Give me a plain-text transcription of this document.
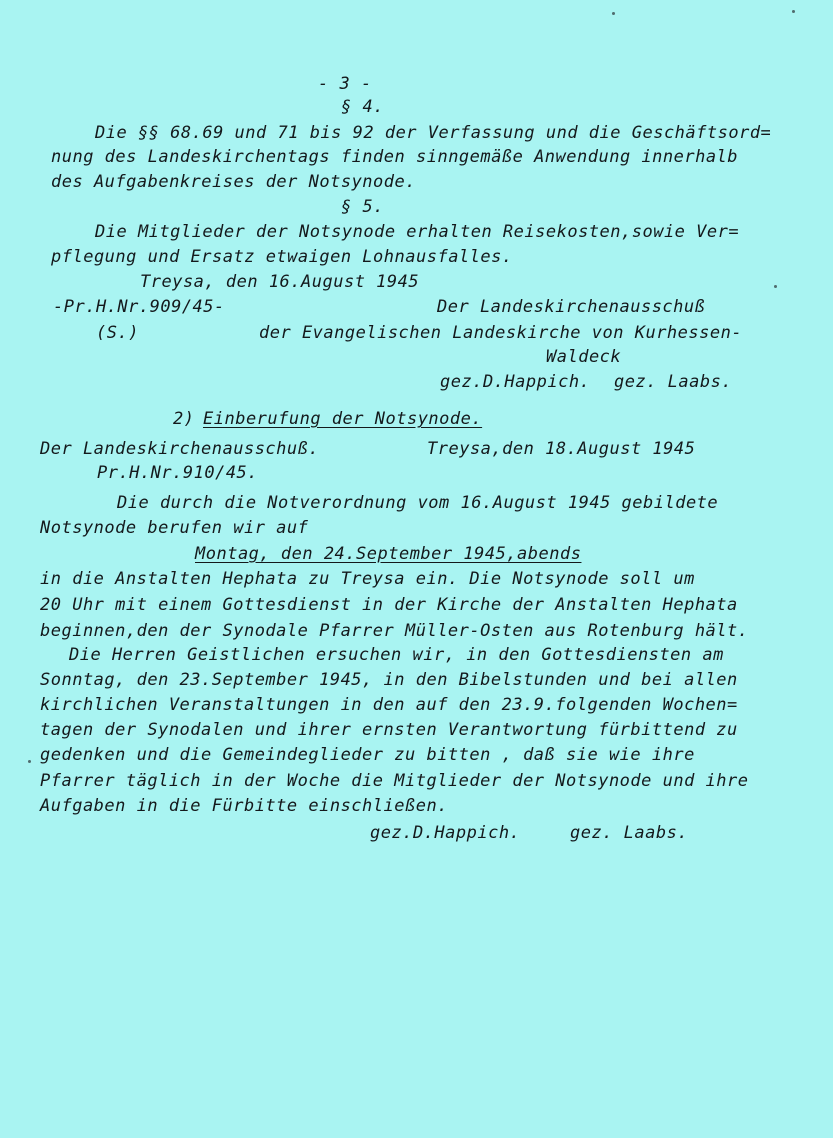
- 3 -
§ 4.
Die §§ 68.69 und 71 bis 92 der Verfassung und die Geschäftsord=
nung des Landeskirchentags finden sinngemäße Anwendung innerhalb
des Aufgabenkreises der Notsynode.
§ 5.
Die Mitglieder der Notsynode erhalten Reisekosten,sowie Ver=
pflegung und Ersatz etwaigen Lohnausfalles.
Treysa, den 16.August 1945
-Pr.H.Nr.909/45-	Der Landeskirchenausschuß
(S.)	der Evangelischen Landeskirche von Kurhessen-
Waldeck
gez.D.Happich. gez. Laabs.
2) Einberufung der Notsynode.
Der Landeskirchenausschuß.	Treysa,den 18.August 1945
Pr.H.Nr.910/45.
Die durch die Notverordnung vom 16.August 1945 gebildete
Notsynode berufen wir auf
Montag, den 24.September 1945,abends
in die Anstalten Hephata zu Treysa ein. Die Notsynode soll um
20 Uhr mit einem Gottesdienst in der Kirche der Anstalten Hephata
beginnen,den der Synodale Pfarrer Müller-Osten aus Rotenburg hält.
Die Herren Geistlichen ersuchen wir, in den Gottesdiensten am
Sonntag, den 23.September 1945, in den Bibelstunden und bei allen
kirchlichen Veranstaltungen in den auf den 23.9.folgenden Wochen=
tagen der Synodalen und ihrer ernsten Verantwortung fürbittend zu
gedenken und die Gemeindeglieder zu bitten , daß sie wie ihre
Pfarrer täglich in der Woche die Mitglieder der Notsynode und ihre
Aufgaben in die Fürbitte einschließen.
gez.D.Happich.	gez. Laabs.
